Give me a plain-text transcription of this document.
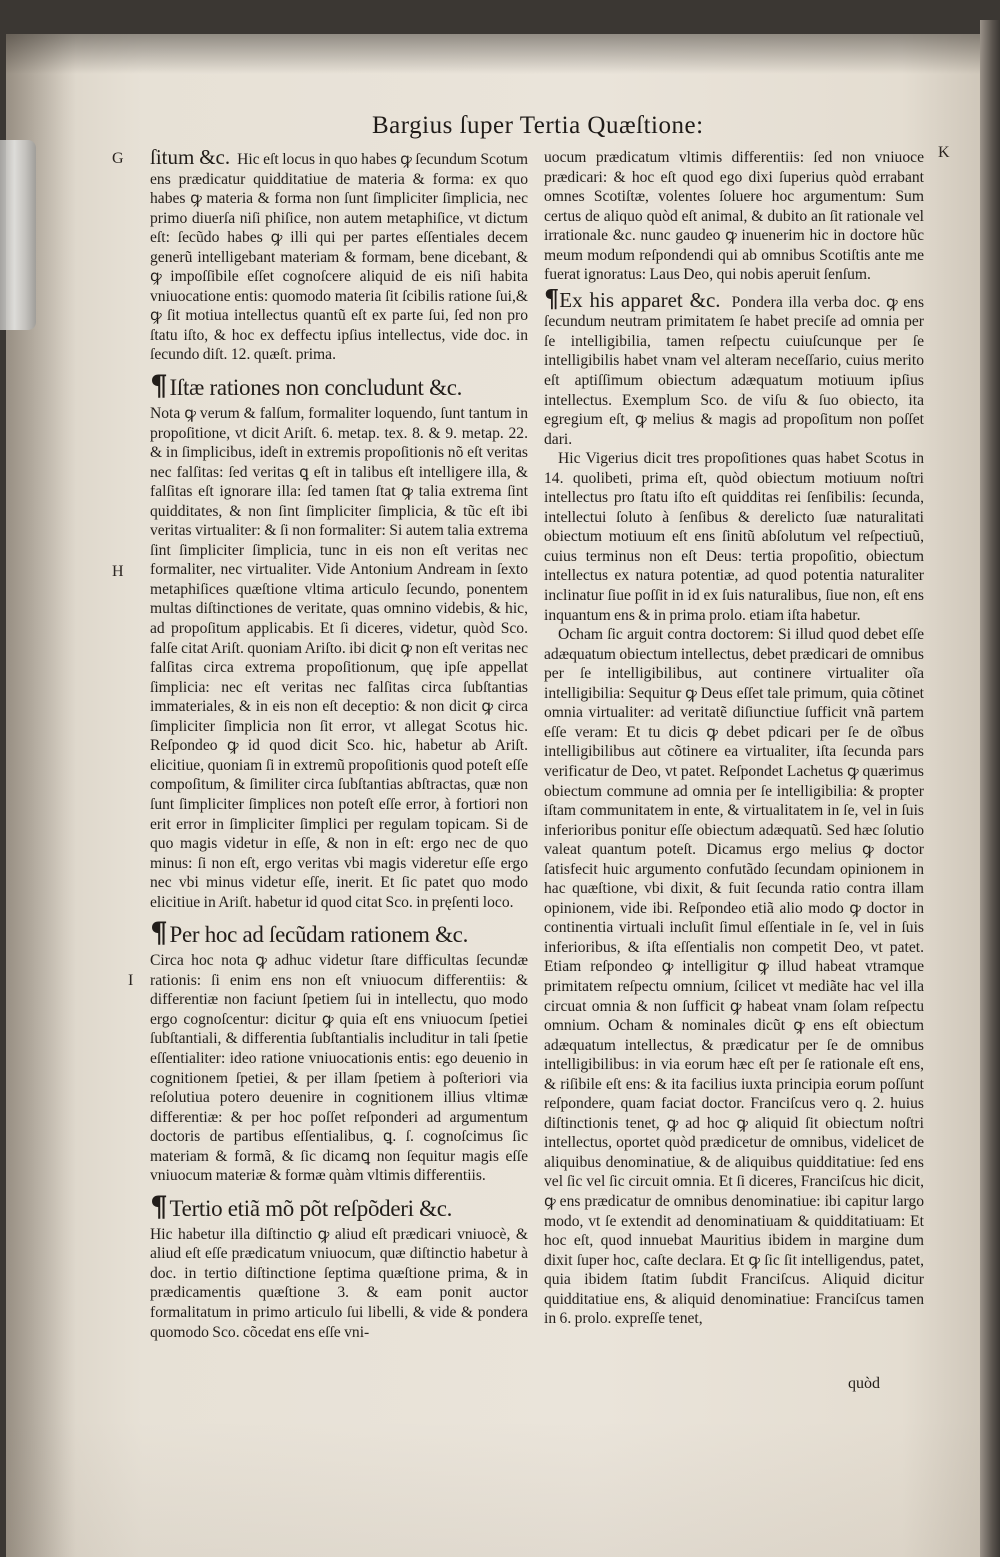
Bargius ſuper Tertia Quæſtione:
G
H
I
K

ſitum &c. Hic eſt locus in quo habes ꝙ ſecundum Scotum ens prædicatur quidditatiue de materia & forma: ex quo habes ꝙ materia & forma non ſunt ſimpliciter ſimplicia, nec primo diuerſa niſi phiſice, non autem metaphiſice, vt dictum eſt: ſecũdo habes ꝙ illi qui per partes eſſentiales decem generũ intelligebant materiam & formam, bene dicebant, & ꝙ impoſſibile eſſet cognoſcere aliquid de eis niſi habita vniuocatione entis: quomodo materia ſit ſcibilis ratione ſui,& ꝙ ſit motiua intellectus quantũ eſt ex parte ſui, ſed non pro ſtatu iſto, & hoc ex deffectu ipſius intellectus, vide doc. in ſecundo diſt. 12. quæſt. prima.

¶Iſtæ rationes non concludunt &c.

Nota ꝙ verum & falſum, formaliter loquendo, ſunt tantum in propoſitione, vt dicit Ariſt. 6. metap. tex. 8. & 9. metap. 22. & in ſimplicibus, ideſt in extremis propoſitionis nõ eſt veritas nec falſitas: ſed veritas ꝗ eſt in talibus eſt intelligere illa, & falſitas eſt ignorare illa: ſed tamen ſtat ꝙ talia extrema ſint quidditates, & non ſint ſimpliciter ſimplicia, & tũc eſt ibi veritas virtualiter: & ſi non formaliter: Si autem talia extrema ſint ſimpliciter ſimplicia, tunc in eis non eſt veritas nec formaliter, nec virtualiter. Vide Antonium Andream in ſexto metaphiſices quæſtione vltima articulo ſecundo, ponentem multas diſtinctiones de veritate, quas omnino videbis, & hic, ad propoſitum applicabis. Et ſi diceres, videtur, quòd Sco. falſe citat Ariſt. quoniam Ariſto. ibi dicit ꝙ non eſt veritas nec falſitas circa extrema propoſitionum, quę ipſe appellat ſimplicia: nec eſt veritas nec falſitas circa ſubſtantias immateriales, & in eis non eſt deceptio: & non dicit ꝙ circa ſimpliciter ſimplicia non ſit error, vt allegat Scotus hic. Reſpondeo ꝙ id quod dicit Sco. hic, habetur ab Ariſt. elicitiue, quoniam ſi in extremũ propoſitionis quod poteſt eſſe compoſitum, & ſimiliter circa ſubſtantias abſtractas, quæ non ſunt ſimpliciter ſimplices non poteſt eſſe error, à fortiori non erit error in ſimpliciter ſimplici per regulam topicam. Si de quo magis videtur in eſſe, & non in eſt: ergo nec de quo minus: ſi non eſt, ergo veritas vbi magis videretur eſſe ergo nec vbi minus videtur eſſe, inerit. Et ſic patet quo modo elicitiue in Ariſt. habetur id quod citat Sco. in pręſenti loco.

¶Per hoc ad ſecũdam rationem &c.

Circa hoc nota ꝙ adhuc videtur ſtare difficultas ſecundæ rationis: ſi enim ens non eſt vniuocum differentiis: & differentiæ non faciunt ſpetiem ſui in intellectu, quo modo ergo cognoſcentur: dicitur ꝙ quia eſt ens vniuocum ſpetiei ſubſtantiali, & differentia ſubſtantialis includitur in tali ſpetie eſſentialiter: ideo ratione vniuocationis entis: ego deuenio in cognitionem ſpetiei, & per illam ſpetiem à poſteriori via reſolutiua potero deuenire in cognitionem illius vltimæ differentiæ: & per hoc poſſet reſponderi ad argumentum doctoris de partibus eſſentialibus, ꝗ. ſ. cognoſcimus ſic materiam & formã, & ſic dicamꝗ non ſequitur magis eſſe vniuocum materiæ & formæ quàm vltimis differentiis.

¶Tertio etiã mõ põt reſpõderi &c.

Hic habetur illa diſtinctio ꝙ aliud eſt prædicari vniuocè, & aliud eſt eſſe prædicatum vniuocum, quæ diſtinctio habetur à doc. in tertio diſtinctione ſeptima quæſtione prima, & in prædicamentis quæſtione 3. & eam ponit auctor formalitatum in primo articulo ſui libelli, & vide & pondera quomodo Sco. cõcedat ens eſſe vni-

uocum prædicatum vltimis differentiis: ſed non vniuoce prædicari: & hoc eſt quod ego dixi ſuperius quòd errabant omnes Scotiſtæ, volentes ſoluere hoc argumentum: Sum certus de aliquo quòd eſt animal, & dubito an ſit rationale vel irrationale &c. nunc gaudeo ꝙ inuenerim hic in doctore hũc meum modum reſpondendi qui ab omnibus Scotiſtis ante me fuerat ignoratus: Laus Deo, qui nobis aperuit ſenſum.

¶Ex his apparet &c. Pondera illa verba doc. ꝙ ens ſecundum neutram primitatem ſe habet preciſe ad omnia per ſe intelligibilia, tamen reſpectu cuiuſcunque per ſe intelligibilis habet vnam vel alteram neceſſario, cuius merito eſt aptiſſimum obiectum adæquatum motiuum ipſius intellectus. Exemplum Sco. de viſu & ſuo obiecto, ita egregium eſt, ꝙ melius & magis ad propoſitum non poſſet dari.

Hic Vigerius dicit tres propoſitiones quas habet Scotus in 14. quolibeti, prima eſt, quòd obiectum motiuum noſtri intellectus pro ſtatu iſto eſt quidditas rei ſenſibilis: ſecunda, intellectui ſoluto à ſenſibus & derelicto ſuæ naturalitati obiectum motiuum eſt ens ſinitũ abſolutum vel reſpectiuũ, cuius terminus non eſt Deus: tertia propoſitio, obiectum intellectus ex natura potentiæ, ad quod potentia naturaliter inclinatur ſiue poſſit in id ex ſuis naturalibus, ſiue non, eſt ens inquantum ens & in prima prolo. etiam iſta habetur.

Ocham ſic arguit contra doctorem: Si illud quod debet eſſe adæquatum obiectum intellectus, debet prædicari de omnibus per ſe intelligibilibus, aut continere virtualiter oĩa intelligibilia: Sequitur ꝙ Deus eſſet tale primum, quia cõtinet omnia virtualiter: ad veritatẽ diſiunctiue ſufficit vnã partem eſſe veram: Et tu dicis ꝙ debet pdicari per ſe de oĩbus intelligibilibus aut cõtinere ea virtualiter, iſta ſecunda pars verificatur de Deo, vt patet. Reſpondet Lachetus ꝙ quærimus obiectum commune ad omnia per ſe intelligibilia: & propter iſtam communitatem in ente, & virtualitatem in ſe, vel in ſuis inferioribus ponitur eſſe obiectum adæquatũ. Sed hæc ſolutio valeat quantum poteſt. Dicamus ergo melius ꝙ doctor ſatisfecit huic argumento confutãdo ſecundam opinionem in hac quæſtione, vbi dixit, & fuit ſecunda ratio contra illam opinionem, vide ibi. Reſpondeo etiã alio modo ꝙ doctor in continentia virtuali incluſit ſimul eſſentiale in ſe, vel in ſuis inferioribus, & iſta eſſentialis non competit Deo, vt patet. Etiam reſpondeo ꝙ intelligitur ꝙ illud habeat vtramque primitatem reſpectu omnium, ſcilicet vt mediãte hac vel illa circuat omnia & non ſufficit ꝙ habeat vnam ſolam reſpectu omnium. Ocham & nominales dicũt ꝙ ens eſt obiectum adæquatum intellectus, & prædicatur per ſe de omnibus intelligibilibus: in via eorum hæc eſt per ſe rationale eſt ens, & riſibile eſt ens: & ita facilius iuxta principia eorum poſſunt reſpondere, quam faciat doctor. Franciſcus vero q. 2. huius diſtinctionis tenet, ꝙ ad hoc ꝙ aliquid ſit obiectum noſtri intellectus, oportet quòd prædicetur de omnibus, videlicet de aliquibus denominatiue, & de aliquibus quidditatiue: ſed ens vel ſic vel ſic circuit omnia. Et ſi diceres, Franciſcus hic dicit, ꝙ ens prædicatur de omnibus denominatiue: ibi capitur largo modo, vt ſe extendit ad denominatiuam & quidditatiuam: Et hoc eſt, quod innuebat Mauritius ibidem in margine dum dixit ſuper hoc, caſte declara. Et ꝙ ſic ſit intelligendus, patet, quia ibidem ſtatim ſubdit Franciſcus. Aliquid dicitur quidditatiue ens, & aliquid denominatiue: Franciſcus tamen in 6. prolo. expreſſe tenet,

quòd
